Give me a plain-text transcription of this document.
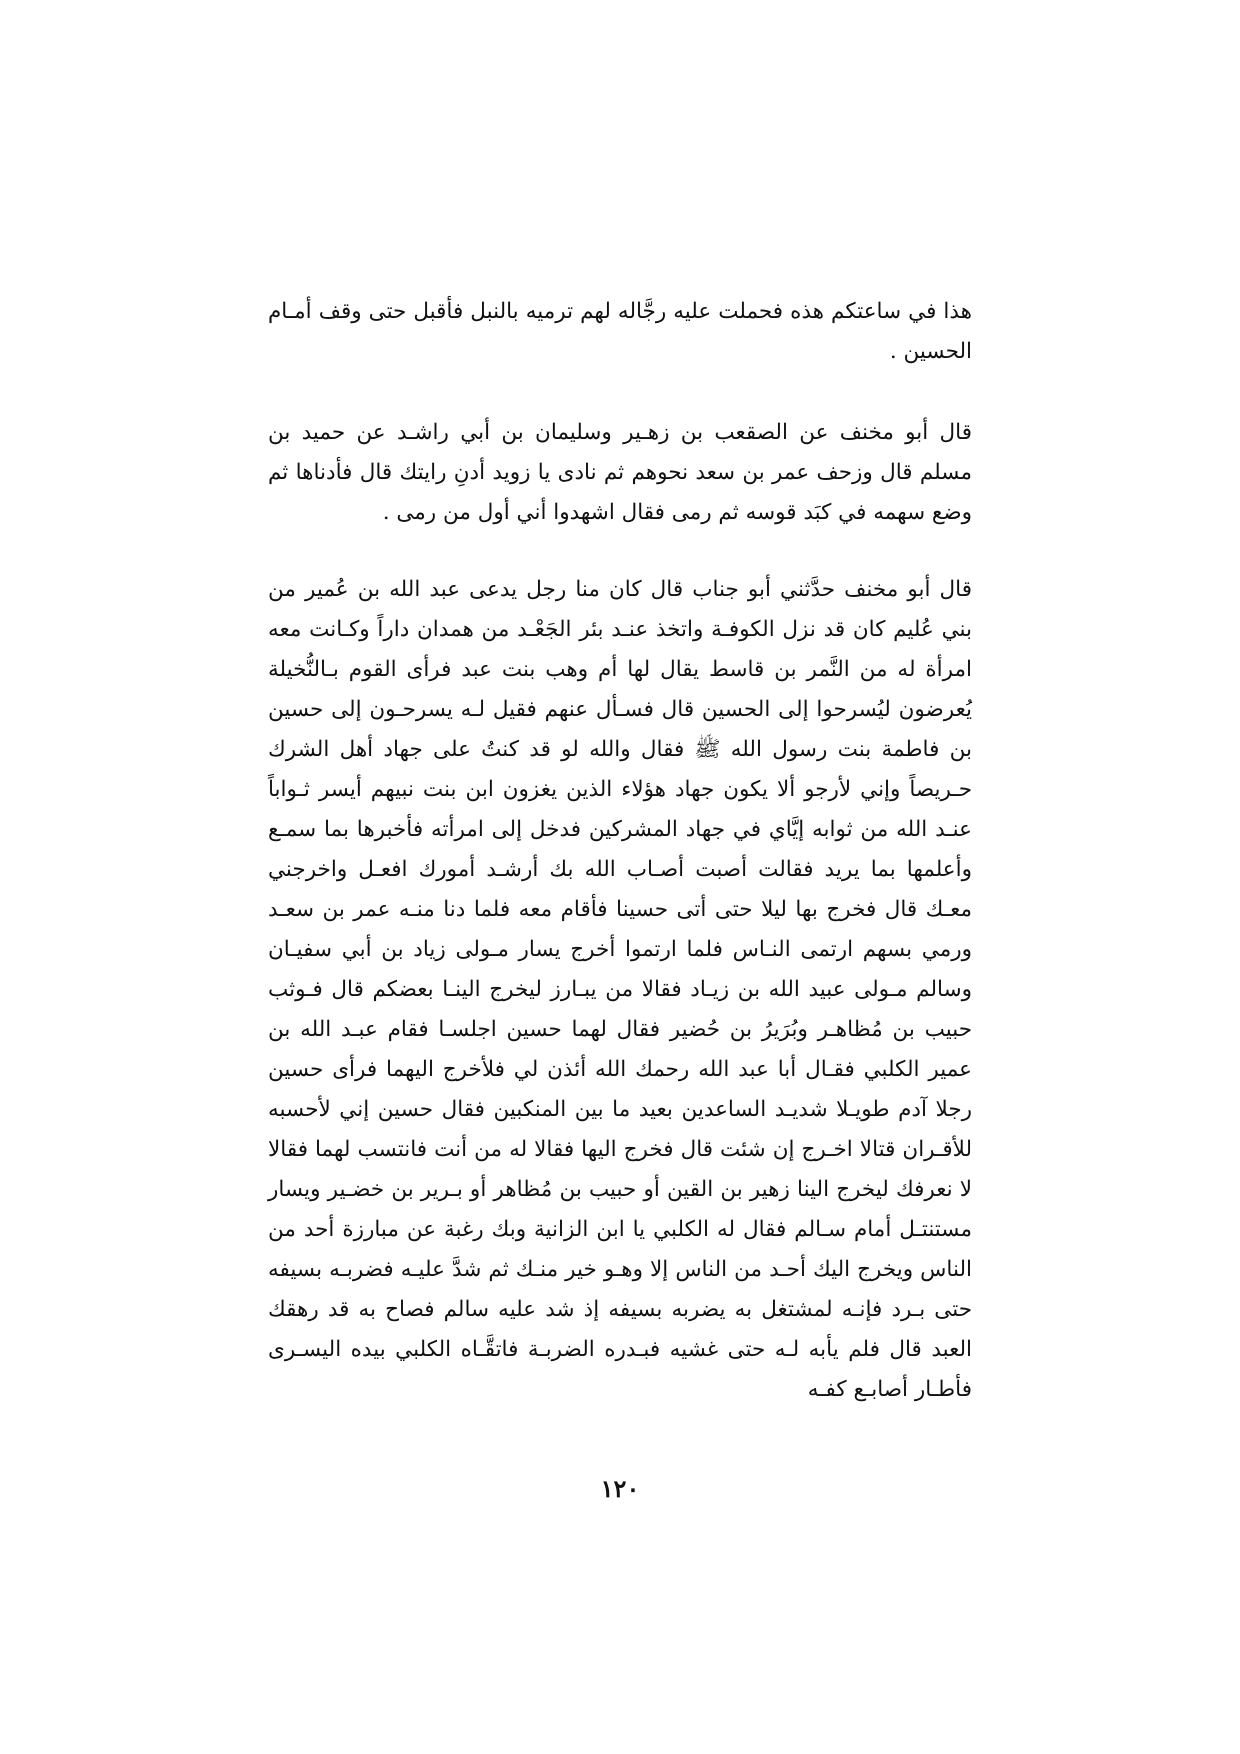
هذا في ساعتكم هذه فحملت عليه رجَّاله لهم ترميه بالنبل فأقبل حتى وقف أمـام الحسين .

قال أبو مخنف عن الصقعب بن زهـير وسليمان بن أبي راشـد عن حميد بن مسلم قال وزحف عمر بن سعد نحوهم ثم نادى يا زويد أدنِ رايتك قال فأدناها ثم وضع سهمه في كبَد قوسه ثم رمى فقال اشهدوا أني أول من رمى .

قال أبو مخنف حدَّثني أبو جناب قال كان منا رجل يدعى عبد الله بن عُمير من بني عُليم كان قد نزل الكوفـة واتخذ عنـد بئر الجَعْـد من همدان داراً وكـانت معه امرأة له من النَّمر بن قاسط يقال لها أم وهب بنت عبد فرأى القوم بـالنُّخيلة يُعرضون ليُسرحوا إلى الحسين قال فسـأل عنهم فقيل لـه يسرحـون إلى حسين بن فاطمة بنت رسول الله ﷺ فقال والله لو قد كنتُ على جهاد أهل الشرك حـريصاً وإني لأرجو ألا يكون جهاد هؤلاء الذين يغزون ابن بنت نبيهم أيسر ثـواباً عنـد الله من ثوابه إيَّاي في جهاد المشركين فدخل إلى امرأته فأخبرها بما سمـع وأعلمها بما يريد فقالت أصبت أصـاب الله بك أرشـد أمورك افعـل واخرجني معـك قال فخرج بها ليلا حتى أتى حسينا فأقام معه فلما دنا منـه عمر بن سعـد ورمي بسهم ارتمى النـاس فلما ارتموا أخرج يسار مـولى زياد بن أبي سفيـان وسالم مـولى عبيد الله بن زيـاد فقالا من يبـارز ليخرج الينـا بعضكم قال فـوثب حبيب بن مُظاهـر وبُرَيرُ بن حُضير فقال لهما حسين اجلسـا فقام عبـد الله بن عمير الكلبي فقـال أبا عبد الله رحمك الله أئذن لي فلأخرج اليهما فرأى حسين رجلا آدم طويـلا شديـد الساعدين بعيد ما بين المنكبين فقال حسين إني لأحسبه للأقـران قتالا اخـرج إن شئت قال فخرج اليها فقالا له من أنت فانتسب لهما فقالا لا نعرفك ليخرج الينا زهير بن القين أو حبيب بن مُظاهر أو بـرير بن خضـير ويسار مستنتـل أمام سـالم فقال له الكلبي يا ابن الزانية وبك رغبة عن مبارزة أحد من الناس ويخرج اليك أحـد من الناس إلا وهـو خير منـك ثم شدَّ عليـه فضربـه بسيفه حتى بـرد فإنـه لمشتغل به يضربه بسيفه إذ شد عليه سالم فصاح به قد رهقك العبد قال فلم يأبه لـه حتى غشيه فبـدره الضربـة فاتقَّـاه الكلبي بيده اليسـرى فأطـار أصابـع كفـه

١٢٠
